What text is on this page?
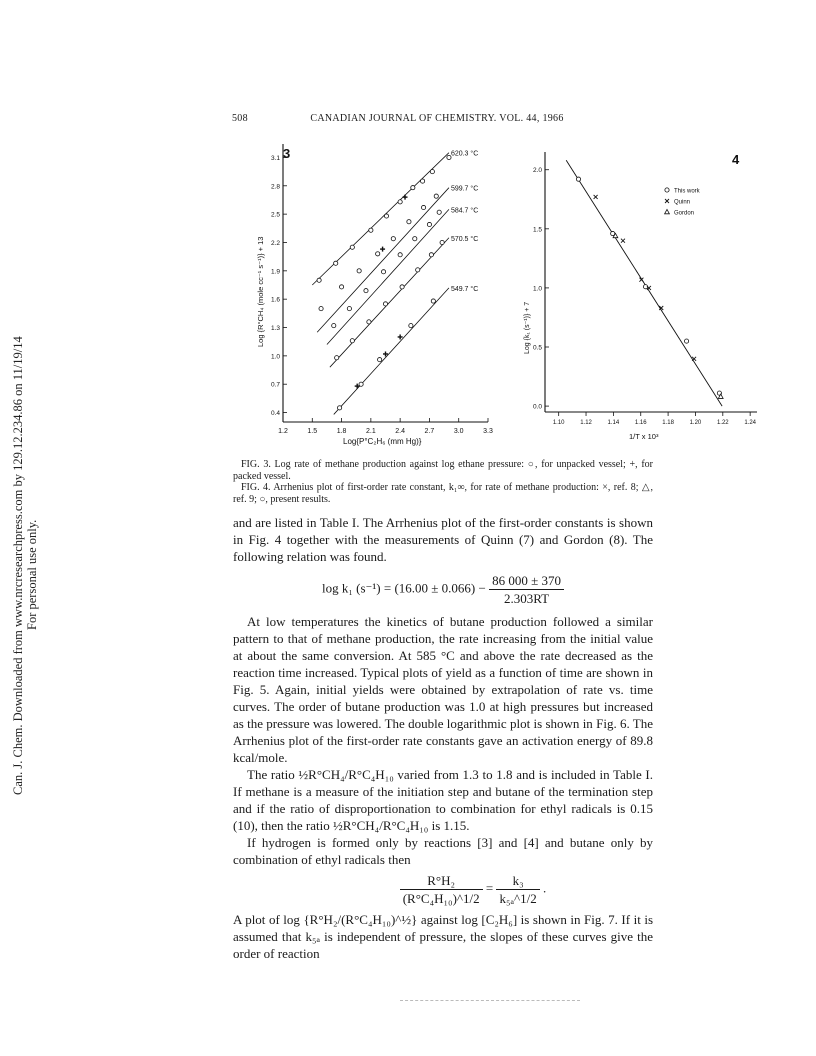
Can. J. Chem. Downloaded from www.nrcresearchpress.com by 129.12.234.86 on 11/19/14 For personal use only.
508	CANADIAN JOURNAL OF CHEMISTRY. VOL. 44, 1966
1.2	1.5	1.8	2.1	2.4	2.7	3.0	3.3
0.4
0.7
1.0
1.3
1.6
1.9
2.2
2.5
2.8
3.1
620.3 °C
599.7 °C
584.7 °C
570.5 °C
549.7 °C
3
Log{P°C₂H₆ (mm Hg)}
Log {R°CH₄ (mole cc⁻¹ s⁻¹)} + 13
1.10	1.12	1.14	1.16	1.18	1.20	1.22	1.24
0.0
0.5
1.0
1.5
2.0
This work
Quinn
Gordon
4
1/T x 10³
Log {k₁ (s⁻¹)} + 7

FIG. 3. Log rate of methane production against log ethane pressure: ○, for unpacked vessel; +, for packed vessel.

FIG. 4. Arrhenius plot of first-order rate constant, k₁∞, for rate of methane production: ×, ref. 8; △, ref. 9; ○, present results.

and are listed in Table I. The Arrhenius plot of the first-order constants is shown in Fig. 4 together with the measurements of Quinn (7) and Gordon (8). The following relation was found.

log k₁ $(s^{-1}) = (16.00 \pm 0.066) - \frac{86 000 \pm 370}{2.303RT}$

At low temperatures the kinetics of butane production followed a similar pattern to that of methane production, the rate increasing from the initial value at about the same conversion. At 585 °C and above the rate decreased as the reaction time increased. Typical plots of yield as a function of time are shown in Fig. 5. Again, initial yields were obtained by extrapolation of rate vs. time curves. The order of butane production was 1.0 at high pressures but increased as the pressure was lowered. The double logarithmic plot is shown in Fig. 6. The Arrhenius plot of the first-order rate constants gave an activation energy of 89.8 kcal/mole.

The ratio ½R°CH₄/R°C₄H₁₀ varied from 1.3 to 1.8 and is included in Table I. If methane is a measure of the initiation step and butane of the termination step and if the ratio of disproportionation to combination for ethyl radicals is 0.15 (10), then the ratio ½R°CH₄/R°C₄H₁₀ is 1.15.

If hydrogen is formed only by reactions [3] and [4] and butane only by combination of ethyl radicals then

$\frac{\text{R°H₂}}{\text{(R°C₄H₁₀)\textasciicircum{}1/2}} = \frac{\text{k₃}}{\text{k₅ₐ\textasciicircum{}1/2}}$ .

A plot of log {R°H₂/(R°C₄H₁₀)^½} against log [C₂H₆] is shown in Fig. 7. If it is assumed that k₅ₐ is independent of pressure, the slopes of these curves give the order of reaction
